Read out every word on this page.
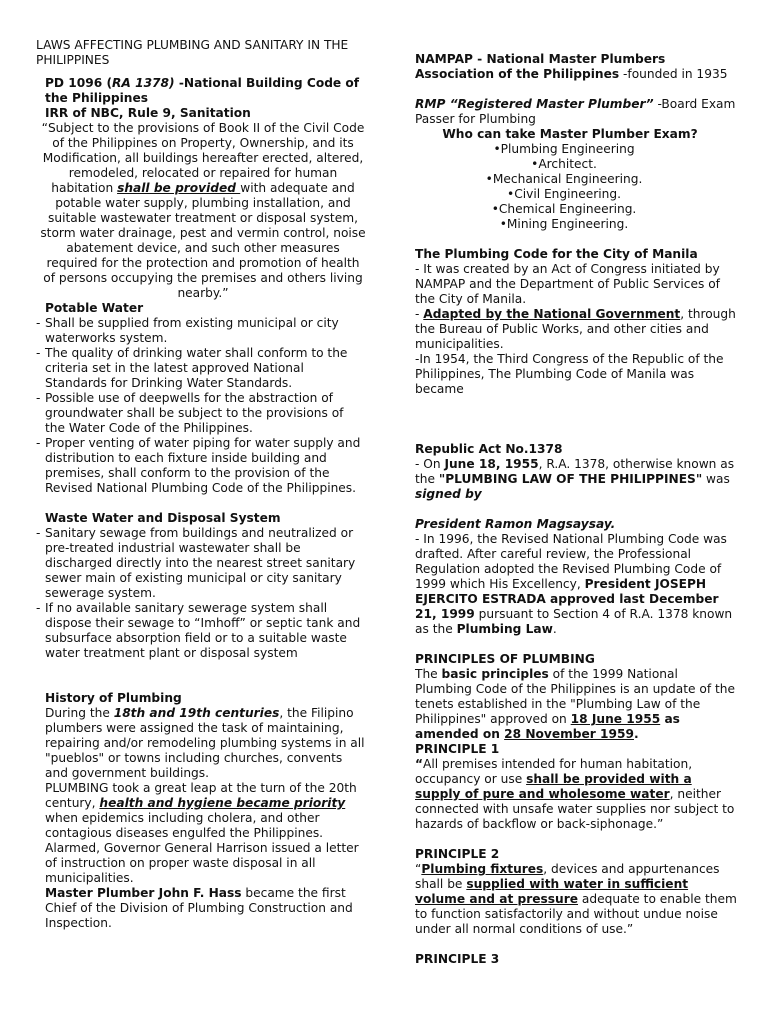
LAWS AFFECTING PLUMBING AND SANITARY IN THE PHILIPPINES

PD 1096 (RA 1378) -National Building Code of the Philippines
IRR of NBC, Rule 9, Sanitation

“Subject to the provisions of Book II of the Civil Code of the Philippines on Property, Ownership, and its Modification, all buildings hereafter erected, altered, remodeled, relocated or repaired for human habitation shall be provided with adequate and potable water supply, plumbing installation, and suitable wastewater treatment or disposal system, storm water drainage, pest and vermin control, noise abatement device, and such other measures required for the protection and promotion of health of persons occupying the premises and others living nearby.”

Potable Water
- Shall be supplied from existing municipal or city waterworks system.
- The quality of drinking water shall conform to the criteria set in the latest approved National Standards for Drinking Water Standards.
- Possible use of deepwells for the abstraction of groundwater shall be subject to the provisions of the Water Code of the Philippines.
- Proper venting of water piping for water supply and distribution to each fixture inside building and premises, shall conform to the provision of the Revised National Plumbing Code of the Philippines.
Waste Water and Disposal System
- Sanitary sewage from buildings and neutralized or pre-treated industrial wastewater shall be discharged directly into the nearest street sanitary sewer main of existing municipal or city sanitary sewerage system.
- If no available sanitary sewerage system shall dispose their sewage to “Imhoff” or septic tank and subsurface absorption field or to a suitable waste water treatment plant or disposal system
History of Plumbing

During the 18th and 19th centuries, the Filipino plumbers were assigned the task of maintaining, repairing and/or remodeling plumbing systems in all "pueblos" or towns including churches, convents and government buildings.

PLUMBING took a great leap at the turn of the 20th century, health and hygiene became priority when epidemics including cholera, and other contagious diseases engulfed the Philippines. Alarmed, Governor General Harrison issued a letter of instruction on proper waste disposal in all municipalities.

Master Plumber John F. Hass became the first Chief of the Division of Plumbing Construction and Inspection.

NAMPAP - National Master Plumbers Association of the Philippines -founded in 1935

RMP “Registered Master Plumber” -Board Exam Passer for Plumbing

Who can take Master Plumber Exam?
• Plumbing Engineering
• Architect.
• Mechanical Engineering.
• Civil Engineering.
• Chemical Engineering.
• Mining Engineering.
The Plumbing Code for the City of Manila

- It was created by an Act of Congress initiated by NAMPAP and the Department of Public Services of the City of Manila.

- Adapted by the National Government, through the Bureau of Public Works, and other cities and municipalities.

-In 1954, the Third Congress of the Republic of the Philippines, The Plumbing Code of Manila was became

Republic Act No.1378

- On June 18, 1955, R.A. 1378, otherwise known as the "PLUMBING LAW OF THE PHILIPPINES" was signed by

President Ramon Magsaysay.

- In 1996, the Revised National Plumbing Code was drafted. After careful review, the Professional Regulation adopted the Revised Plumbing Code of 1999 which His Excellency, President JOSEPH EJERCITO ESTRADA approved last December 21, 1999 pursuant to Section 4 of R.A. 1378 known as the Plumbing Law.

PRINCIPLES OF PLUMBING

The basic principles of the 1999 National Plumbing Code of the Philippines is an update of the tenets established in the "Plumbing Law of the Philippines" approved on 18 June 1955 as amended on 28 November 1959.

PRINCIPLE 1

“All premises intended for human habitation, occupancy or use shall be provided with a supply of pure and wholesome water, neither connected with unsafe water supplies nor subject to hazards of backflow or back-siphonage.”

PRINCIPLE 2

“Plumbing fixtures, devices and appurtenances shall be supplied with water in sufficient volume and at pressure adequate to enable them to function satisfactorily and without undue noise under all normal conditions of use.”

PRINCIPLE 3
